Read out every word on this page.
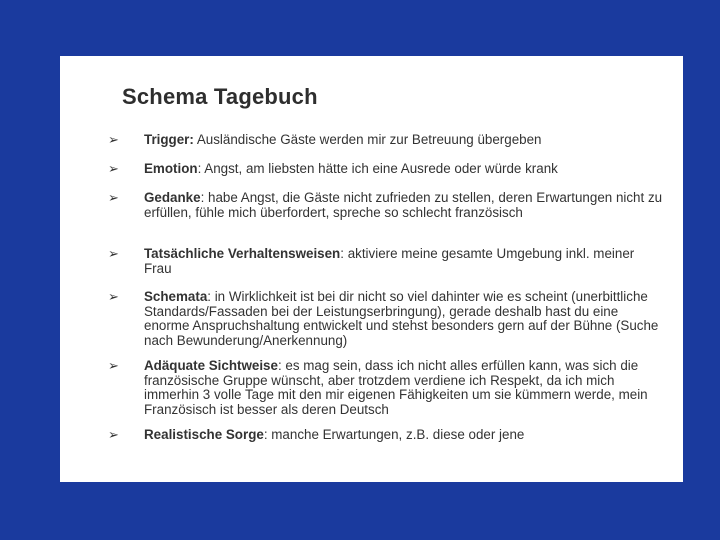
Schema Tagebuch
➢ Trigger: Ausländische Gäste werden mir zur Betreuung übergeben
➢ Emotion: Angst, am liebsten hätte ich eine Ausrede oder würde krank
➢ Gedanke: habe Angst, die Gäste nicht zufrieden zu stellen, deren Erwartungen nicht zu erfüllen, fühle mich überfordert, spreche so schlecht französisch
➢ Tatsächliche Verhaltensweisen: aktiviere meine gesamte Umgebung inkl. meiner Frau
➢ Schemata: in Wirklichkeit ist bei dir nicht so viel dahinter wie es scheint (unerbittliche Standards/Fassaden bei der Leistungserbringung), gerade deshalb hast du eine enorme Anspruchshaltung entwickelt und stehst besonders gern auf der Bühne (Suche nach Bewunderung/Anerkennung)
➢ Adäquate Sichtweise: es mag sein, dass ich nicht alles erfüllen kann, was sich die französische Gruppe wünscht, aber trotzdem verdiene ich Respekt, da ich mich immerhin 3 volle Tage mit den mir eigenen Fähigkeiten um sie kümmern werde, mein Französisch ist besser als deren Deutsch
➢ Realistische Sorge: manche Erwartungen, z.B. diese oder jene
